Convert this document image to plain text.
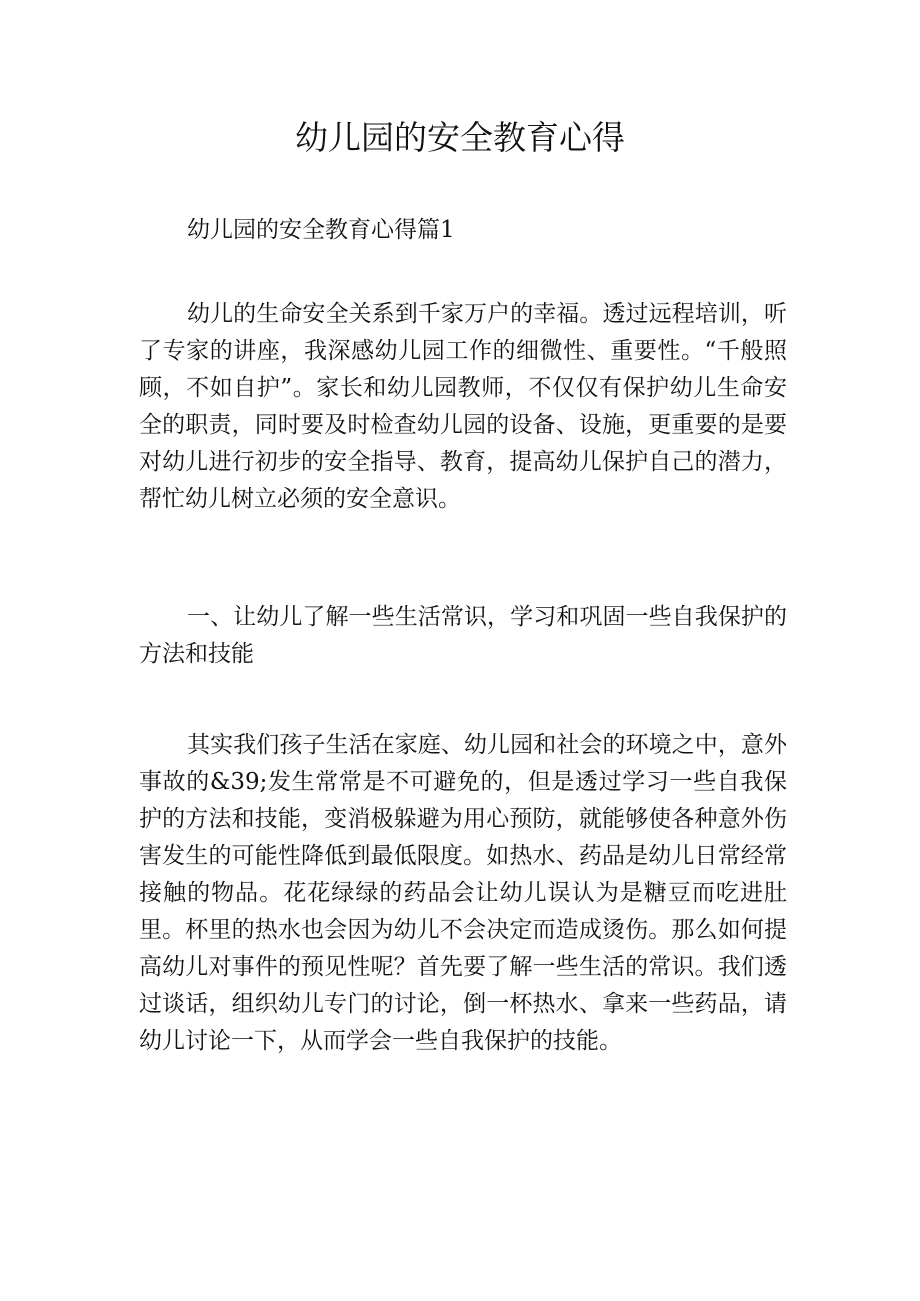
幼儿园的安全教育心得

幼儿园的安全教育心得篇1

幼儿的生命安全关系到千家万户的幸福。透过远程培训，听了专家的讲座，我深感幼儿园工作的细微性、重要性。“千般照顾，不如自护”。家长和幼儿园教师，不仅仅有保护幼儿生命安全的职责，同时要及时检查幼儿园的设备、设施，更重要的是要对幼儿进行初步的安全指导、教育，提高幼儿保护自己的潜力，帮忙幼儿树立必须的安全意识。

一、让幼儿了解一些生活常识，学习和巩固一些自我保护的方法和技能

其实我们孩子生活在家庭、幼儿园和社会的环境之中，意外事故的&39;发生常常是不可避免的，但是透过学习一些自我保护的方法和技能，变消极躲避为用心预防，就能够使各种意外伤害发生的可能性降低到最低限度。如热水、药品是幼儿日常经常接触的物品。花花绿绿的药品会让幼儿误认为是糖豆而吃进肚里。杯里的热水也会因为幼儿不会决定而造成烫伤。那么如何提高幼儿对事件的预见性呢？首先要了解一些生活的常识。我们透过谈话，组织幼儿专门的讨论，倒一杯热水、拿来一些药品，请幼儿讨论一下，从而学会一些自我保护的技能。
